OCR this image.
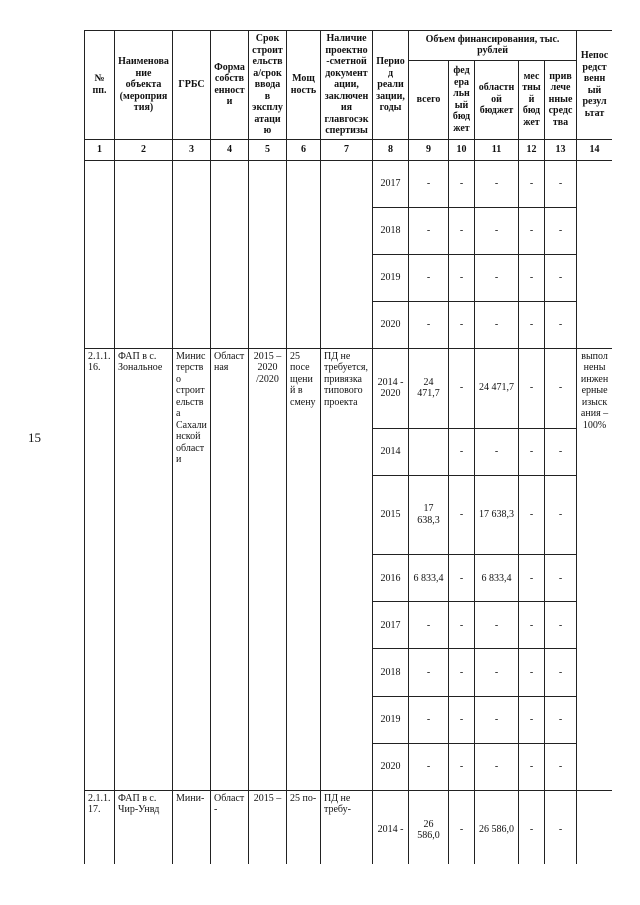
15
№ пп.	Наименование объекта (мероприятия)	ГРБС	Форма собственности	Срок строительства/срок ввода в эксплуатацию	Мощность	Наличие проектно-сметной документации, заключения главгосэкспертизы	Период реализации, годы	Объем финансирования, тыс. рублей					Непосредственный результат
								всего	федеральный бюджет	областной бюджет	местный бюджет	привлеченные средства	
1	2	3	4	5	6	7	8	9	10	11	12	13	14
							2017	-	-	-	-	-	
							2018	-	-	-	-	-	
							2019	-	-	-	-	-	
							2020	-	-	-	-	-	
2.1.1.16.	ФАП в с. Зональное	Министерство строительства Сахалинской области	Областная	2015 – 2020 /2020	25 посещений в смену	ПД не требуется, привязка типового проекта	2014 - 2020	24 471,7	-	24 471,7	-	-	выполнены инженерные изыскания – 100%
							2014		-	-	-	-	
							2015	17 638,3	-	17 638,3	-	-	
							2016	6 833,4	-	6 833,4	-	-	
							2017	-	-	-	-	-	
							2018	-	-	-	-	-	
							2019	-	-	-	-	-	
							2020	-	-	-	-	-	
2.1.1.17.	ФАП в с. Чир-Унвд	Мини-	Област-	2015 –	25 по-	ПД не требу-	2014 -	26 586,0	-	26 586,0	-	-	
